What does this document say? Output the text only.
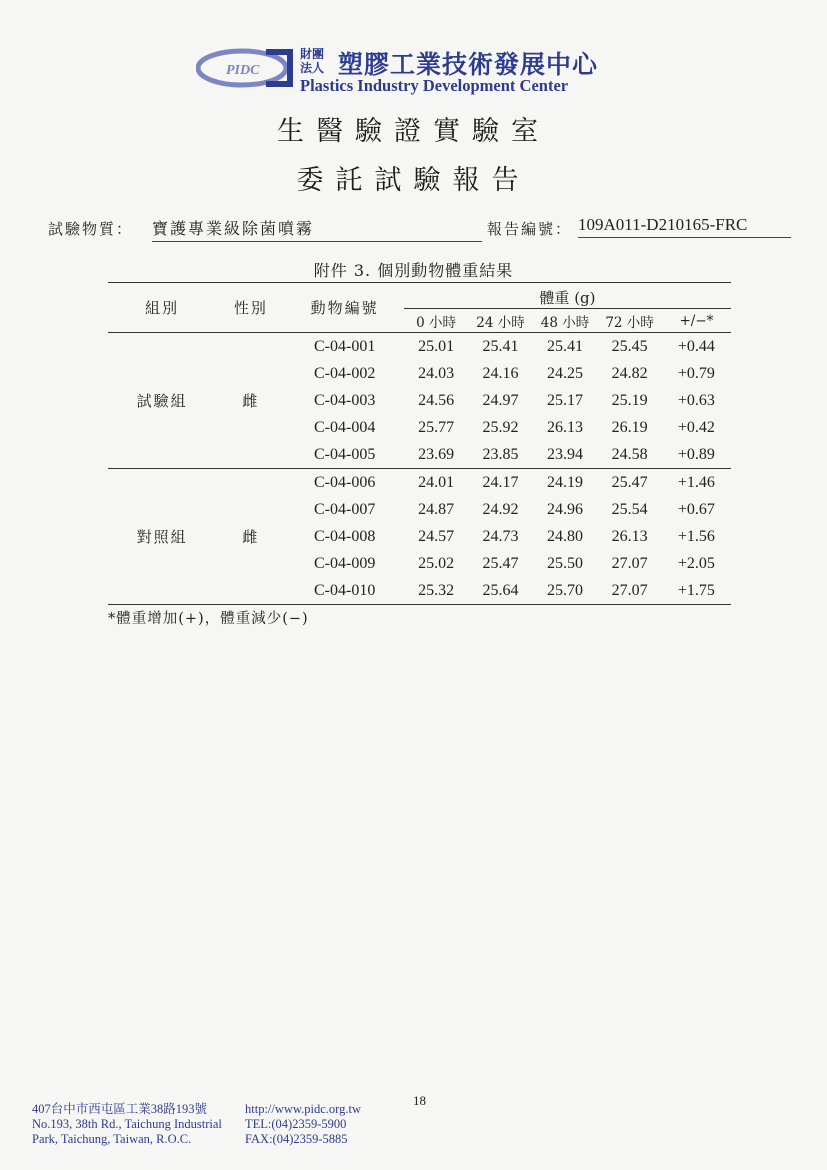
PIDC
財團
法人 塑膠工業技術發展中心
Plastics Industry Development Center
生醫驗證實驗室
委託試驗報告
試驗物質： 寶護專業級除菌噴霧	報告編號： 109A011-D210165-FRC
附件 3. 個別動物體重結果
組別	性別	動物編號	體重 (g)				
			0 小時	24 小時	48 小時	72 小時	+/−*
試驗組	雌	C-04-001	25.01	25.41	25.41	25.45	+0.44
		C-04-002	24.03	24.16	24.25	24.82	+0.79
		C-04-003	24.56	24.97	25.17	25.19	+0.63
		C-04-004	25.77	25.92	26.13	26.19	+0.42
		C-04-005	23.69	23.85	23.94	24.58	+0.89
對照組	雌	C-04-006	24.01	24.17	24.19	25.47	+1.46
		C-04-007	24.87	24.92	24.96	25.54	+0.67
		C-04-008	24.57	24.73	24.80	26.13	+1.56
		C-04-009	25.02	25.47	25.50	27.07	+2.05
		C-04-010	25.32	25.64	25.70	27.07	+1.75
*體重增加(+)，體重減少(−)
18
407台中市西屯區工業38路193號
No.193, 38th Rd., Taichung Industrial
Park, Taichung, Taiwan, R.O.C.
http://www.pidc.org.tw
TEL:(04)2359-5900
FAX:(04)2359-5885
